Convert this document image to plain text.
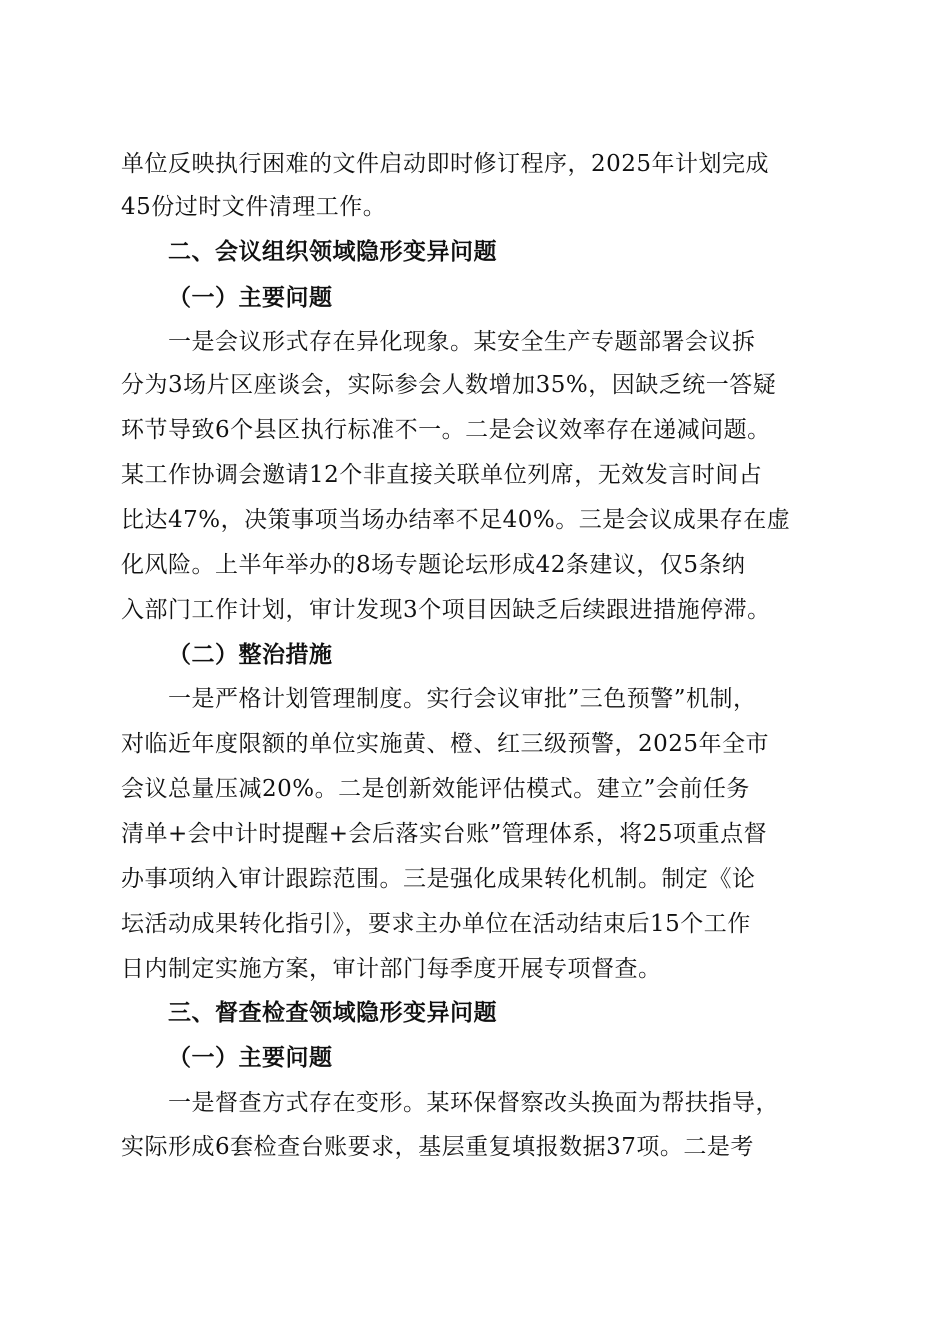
单位反映执行困难的文件启动即时修订程序，2025年计划完成
45份过时文件清理工作。
二、会议组织领域隐形变异问题
（一）主要问题
一是会议形式存在异化现象。某安全生产专题部署会议拆
分为3场片区座谈会，实际参会人数增加35%，因缺乏统一答疑
环节导致6个县区执行标准不一。二是会议效率存在递减问题。
某工作协调会邀请12个非直接关联单位列席，无效发言时间占
比达47%，决策事项当场办结率不足40%。三是会议成果存在虚
化风险。上半年举办的8场专题论坛形成42条建议，仅5条纳
入部门工作计划，审计发现3个项目因缺乏后续跟进措施停滞。
（二）整治措施
一是严格计划管理制度。实行会议审批”三色预警”机制，
对临近年度限额的单位实施黄、橙、红三级预警，2025年全市
会议总量压减20%。二是创新效能评估模式。建立”会前任务
清单+会中计时提醒+会后落实台账”管理体系，将25项重点督
办事项纳入审计跟踪范围。三是强化成果转化机制。制定《论
坛活动成果转化指引》，要求主办单位在活动结束后15个工作
日内制定实施方案，审计部门每季度开展专项督查。
三、督查检查领域隐形变异问题
（一）主要问题
一是督查方式存在变形。某环保督察改头换面为帮扶指导，
实际形成6套检查台账要求，基层重复填报数据37项。二是考
